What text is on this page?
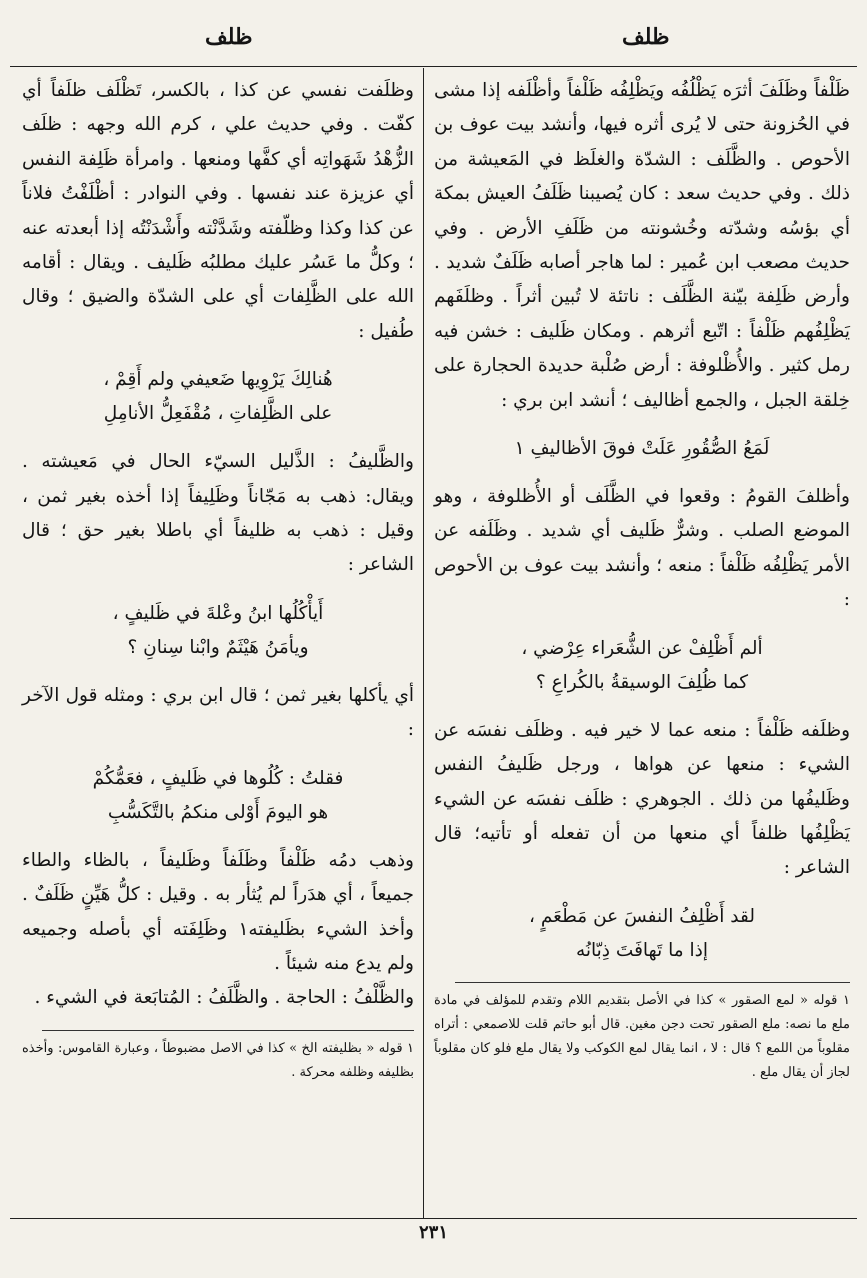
ظلف	ظلف

ظَلْفاً وظَلَفَ أثرَه يَظْلُفُه ويَظْلِفُه ظَلْفاً وأظْلَفه إذا مشى في الحُزونة حتى لا يُرى أثره فيها، وأنشد بيت عوف بن الأحوص . والظَّلَف : الشدّة والغلَظ في المَعيشة من ذلك . وفي حديث سعد : كان يُصيبنا ظَلَفُ العيش بمكة أي بؤسُه وشدّته وخُشونته من ظَلَفِ الأرض . وفي حديث مصعب ابن عُمير : لما هاجر أصابه ظَلَفٌ شديد . وأرض ظَلِفة بيّنة الظَّلَف : ناتئة لا تُبين أثراً . وظلَفَهم يَظْلِفُهم ظَلْفاً : اتّبع أثرهم . ومكان ظَليف : خشن فيه رمل كثير . والأُظْلوفة : أرض صُلْبة حديدة الحجارة على خِلقة الجبل ، والجمع أظاليف ؛ أنشد ابن بري :

لَمَعُ الصُّقُورِ عَلَتْ فوقَ الأظاليفِ ١

وأظلفَ القومُ : وقعوا في الظَّلَف أو الأُظلوفة ، وهو الموضع الصلب . وشرٌّ ظَليف أي شديد . وظَلَفه عن الأمر يَظْلِفُه ظَلْفاً : منعه ؛ وأنشد بيت عوف بن الأحوص :

ألم أَظْلِفْ عن الشُّعَراء عِرْضي ،
كما ظُلِفَ الوسيقةُ بالكُراعِ ؟

وظلَفه ظَلْفاً : منعه عما لا خير فيه . وظلَف نفسَه عن الشيء : منعها عن هواها ، ورجل ظَليفُ النفس وظَليفُها من ذلك . الجوهري : ظلَف نفسَه عن الشيء يَظْلِفُها ظلفاً أي منعها من أن تفعله أو تأتيه؛ قال الشاعر :

لقد أَظْلِفُ النفسَ عن مَطْعَمٍ ،
إذا ما تَهافَتَ ذِبّانُه

١ قوله « لمع الصقور » كذا في الأصل بتقديم اللام وتقدم للمؤلف في مادة ملع ما نصه: ملع الصقور تحت دجن مغين. قال أبو حاتم قلت للاصمعي : أتراه مقلوباً من اللمع ؟ قال : لا ، انما يقال لمع الكوكب ولا يقال ملع فلو كان مقلوباً لجاز أن يقال ملع .

وظلَفت نفسي عن كذا ، بالكسر، تَظْلَف ظلَفاً أي كفّت . وفي حديث علي ، كرم الله وجهه : ظلَف الزُّهْدُ شَهَواتِه أي كفَّها ومنعها . وامرأة ظَلِفة النفس أي عزيزة عند نفسها . وفي النوادر : أظْلَفْتُ فلاناً عن كذا وكذا وظلّفته وشَدَّنْته وأَشْدَنْتُه إذا أبعدته عنه ؛ وكلُّ ما عَسُر عليك مطلبُه ظَليف . ويقال : أقامه الله على الظَّلِفات أي على الشدّة والضيق ؛ وقال طُفيل :

هُنالِكَ يَرْوِيها ضَعيفي ولم أَقِمْ ،
على الظَّلِفاتِ ، مُقْفَعِلُّ الأنامِلِ

والظَّليفُ : الذَّليل السيّء الحال في مَعيشته . ويقال: ذهب به مَجّاناً وظَلِيفاً إذا أخذه بغير ثمن ، وقيل : ذهب به ظليفاً أي باطلا بغير حق ؛ قال الشاعر :

أَيأْكُلُها ابنُ وعْلةَ في ظَليفٍ ،
ويأمَنُ هَيْثَمٌ وابْنا سِنانِ ؟

أي يأكلها بغير ثمن ؛ قال ابن بري : ومثله قول الآخر :

فقلتُ : كُلُوها في ظَليفٍ ، فعَمُّكُمْ
هو اليومَ أَوْلى منكمُ بالتَّكَسُّبِ

وذهب دمُه ظَلْفاً وظَلَفاً وظَليفاً ، بالظاء والطاء جميعاً ، أي هدَراً لم يُثأر به . وقيل : كلُّ هَيِّنٍ ظَلَفٌ . وأخذ الشيء بظَليفته١ وظَلِفَته أي بأصله وجميعه ولم يدع منه شيئاً .

والظَّلْفُ : الحاجة . والظَّلَفُ : المُتابَعة في الشيء .

١ قوله « بظليفته الخ » كذا في الاصل مضبوطاً ، وعبارة القاموس: وأخذه بظليفه وظلفه محركة .

٢٣١
